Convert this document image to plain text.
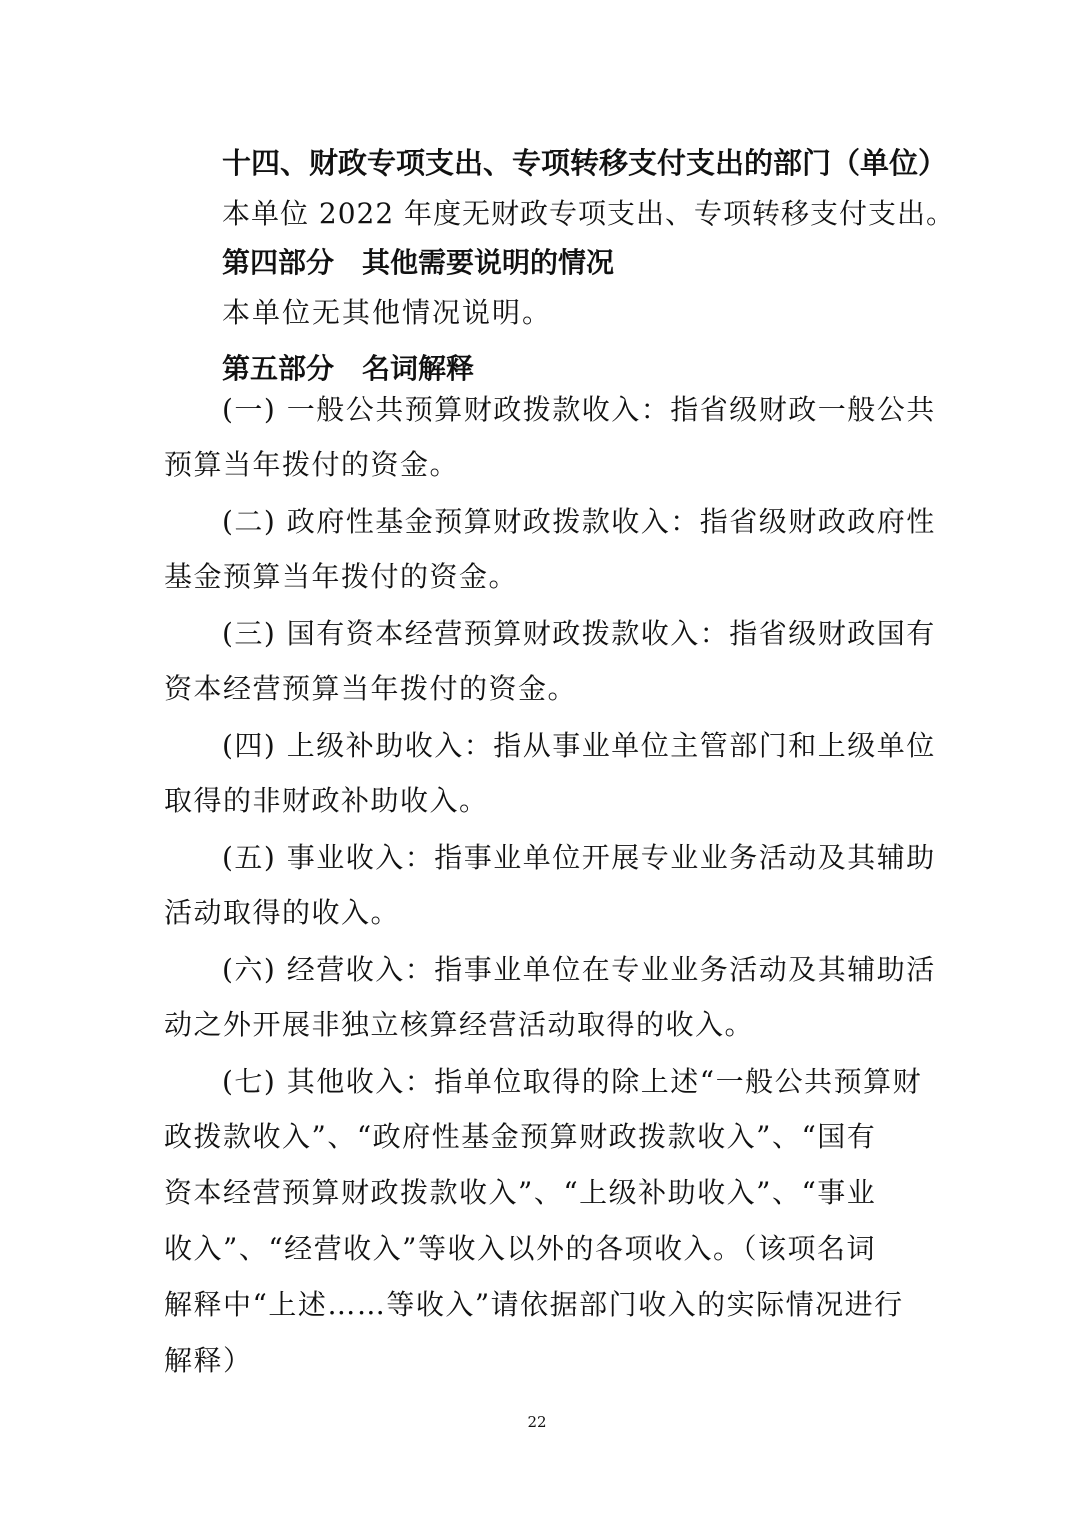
十四、财政专项支出、专项转移支付支出的部门（单位）
本单位 2022 年度无财政专项支出、专项转移支付支出。
第四部分　其他需要说明的情况
本单位无其他情况说明。
第五部分　名词解释
(一) 一般公共预算财政拨款收入：指省级财政一般公共
预算当年拨付的资金。
(二) 政府性基金预算财政拨款收入：指省级财政政府性
基金预算当年拨付的资金。
(三) 国有资本经营预算财政拨款收入：指省级财政国有
资本经营预算当年拨付的资金。
(四) 上级补助收入：指从事业单位主管部门和上级单位
取得的非财政补助收入。
(五) 事业收入：指事业单位开展专业业务活动及其辅助
活动取得的收入。
(六) 经营收入：指事业单位在专业业务活动及其辅助活
动之外开展非独立核算经营活动取得的收入。
(七) 其他收入：指单位取得的除上述“一般公共预算财
政拨款收入”、“政府性基金预算财政拨款收入”、“国有
资本经营预算财政拨款收入”、“上级补助收入”、“事业
收入”、“经营收入”等收入以外的各项收入。（该项名词
解释中“上述……等收入”请依据部门收入的实际情况进行
解释）
22
